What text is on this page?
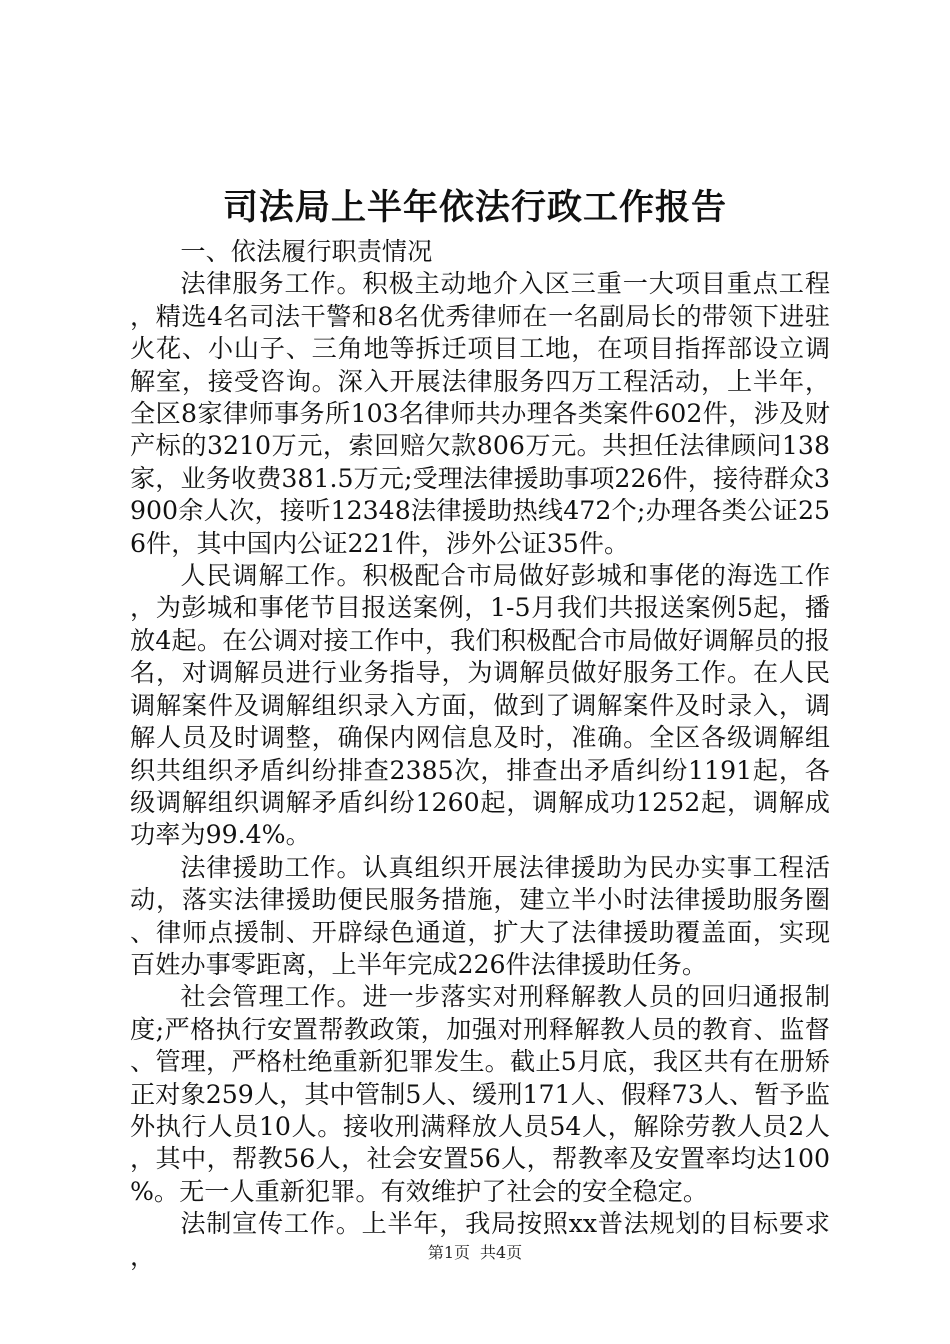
司法局上半年依法行政工作报告

一、依法履行职责情况

法律服务工作。积极主动地介入区三重一大项目重点工程，精选4名司法干警和8名优秀律师在一名副局长的带领下进驻火花、小山子、三角地等拆迁项目工地，在项目指挥部设立调解室，接受咨询。深入开展法律服务四万工程活动，上半年，全区8家律师事务所103名律师共办理各类案件602件，涉及财产标的3210万元，索回赔欠款806万元。共担任法律顾问138家，业务收费381.5万元;受理法律援助事项226件，接待群众3900余人次，接听12348法律援助热线472个;办理各类公证256件，其中国内公证221件，涉外公证35件。

人民调解工作。积极配合市局做好彭城和事佬的海选工作，为彭城和事佬节目报送案例，1-5月我们共报送案例5起，播放4起。在公调对接工作中，我们积极配合市局做好调解员的报名，对调解员进行业务指导，为调解员做好服务工作。在人民调解案件及调解组织录入方面，做到了调解案件及时录入，调解人员及时调整，确保内网信息及时，准确。全区各级调解组织共组织矛盾纠纷排查2385次，排查出矛盾纠纷1191起，各级调解组织调解矛盾纠纷1260起，调解成功1252起，调解成功率为99.4%。

法律援助工作。认真组织开展法律援助为民办实事工程活动，落实法律援助便民服务措施，建立半小时法律援助服务圈、律师点援制、开辟绿色通道，扩大了法律援助覆盖面，实现百姓办事零距离，上半年完成226件法律援助任务。

社会管理工作。进一步落实对刑释解教人员的回归通报制度;严格执行安置帮教政策，加强对刑释解教人员的教育、监督、管理，严格杜绝重新犯罪发生。截止5月底，我区共有在册矫正对象259人，其中管制5人、缓刑171人、假释73人、暂予监外执行人员10人。接收刑满释放人员54人，解除劳教人员2人，其中，帮教56人，社会安置56人，帮教率及安置率均达100%。无一人重新犯罪。有效维护了社会的安全稳定。

法制宣传工作。上半年，我局按照xx普法规划的目标要求，	第1页 共4页
